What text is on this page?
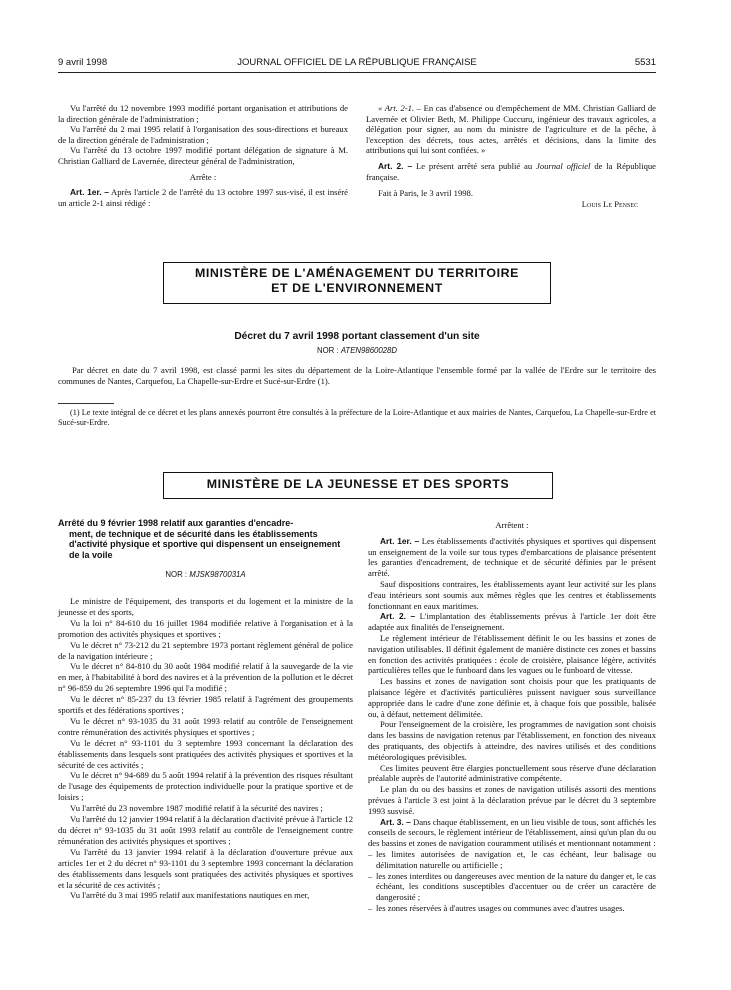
9 avril 1998	JOURNAL OFFICIEL DE LA RÉPUBLIQUE FRANÇAISE	5531

Vu l'arrêté du 12 novembre 1993 modifié portant organisation et attributions de la direction générale de l'administration ;

Vu l'arrêté du 2 mai 1995 relatif à l'organisation des sous-directions et bureaux de la direction générale de l'administration ;

Vu l'arrêté du 13 octobre 1997 modifié portant délégation de signature à M. Christian Galliard de Lavernée, directeur général de l'administration,

Arrête :

Art. 1er. – Après l'article 2 de l'arrêté du 13 octobre 1997 sus-visé, il est inséré un article 2-1 ainsi rédigé :

« Art. 2-1. – En cas d'absence ou d'empêchement de MM. Christian Galliard de Lavernée et Olivier Beth, M. Philippe Cuccuru, ingénieur des travaux agricoles, a délégation pour signer, au nom du ministre de l'agriculture et de la pêche, à l'exception des décrets, tous actes, arrêtés et décisions, dans la limite des attributions qui lui sont confiées. »

Art. 2. – Le présent arrêté sera publié au Journal officiel de la République française.

Fait à Paris, le 3 avril 1998.

Louis Le Pensec

MINISTÈRE DE L'AMÉNAGEMENT DU TERRITOIRE
ET DE L'ENVIRONNEMENT
Décret du 7 avril 1998 portant classement d'un site
NOR : ATEN9860028D

Par décret en date du 7 avril 1998, est classé parmi les sites du département de la Loire-Atlantique l'ensemble formé par la vallée de l'Erdre sur le territoire des communes de Nantes, Carquefou, La Chapelle-sur-Erdre et Sucé-sur-Erdre (1).

(1) Le texte intégral de ce décret et les plans annexés pourront être consultés à la préfecture de la Loire-Atlantique et aux mairies de Nantes, Carquefou, La Chapelle-sur-Erdre et Sucé-sur-Erdre.

MINISTÈRE DE LA JEUNESSE ET DES SPORTS
Arrêté du 9 février 1998 relatif aux garanties d'encadre-
ment, de technique et de sécurité dans les établissements d'activité physique et sportive qui dispensent un enseignement de la voile
NOR : MJSK9870031A

Le ministre de l'équipement, des transports et du logement et la ministre de la jeunesse et des sports,

Vu la loi n° 84-610 du 16 juillet 1984 modifiée relative à l'organisation et à la promotion des activités physiques et sportives ;

Vu le décret n° 73-212 du 21 septembre 1973 portant règlement général de police de la navigation intérieure ;

Vu le décret n° 84-810 du 30 août 1984 modifié relatif à la sauvegarde de la vie en mer, à l'habitabilité à bord des navires et à la prévention de la pollution et le décret n° 96-859 du 26 septembre 1996 qui l'a modifié ;

Vu le décret n° 85-237 du 13 février 1985 relatif à l'agrément des groupements sportifs et des fédérations sportives ;

Vu le décret n° 93-1035 du 31 août 1993 relatif au contrôle de l'enseignement contre rémunération des activités physiques et sportives ;

Vu le décret n° 93-1101 du 3 septembre 1993 concernant la déclaration des établissements dans lesquels sont pratiquées des activités physiques et sportives et la sécurité de ces activités ;

Vu le décret n° 94-689 du 5 août 1994 relatif à la prévention des risques résultant de l'usage des équipements de protection individuelle pour la pratique sportive et de loisirs ;

Vu l'arrêté du 23 novembre 1987 modifié relatif à la sécurité des navires ;

Vu l'arrêté du 12 janvier 1994 relatif à la déclaration d'activité prévue à l'article 12 du décret n° 93-1035 du 31 août 1993 relatif au contrôle de l'enseignement contre rémunération des activités physiques et sportives ;

Vu l'arrêté du 13 janvier 1994 relatif à la déclaration d'ouverture prévue aux articles 1er et 2 du décret n° 93-1101 du 3 septembre 1993 concernant la déclaration des établissements dans lesquels sont pratiquées des activités physiques et sportives et la sécurité de ces activités ;

Vu l'arrêté du 3 mai 1995 relatif aux manifestations nautiques en mer,

Arrêtent :

Art. 1er. – Les établissements d'activités physiques et sportives qui dispensent un enseignement de la voile sur tous types d'embarcations de plaisance présentent les garanties d'encadrement, de technique et de sécurité définies par le présent arrêté.

Sauf dispositions contraires, les établissements ayant leur activité sur les plans d'eau intérieurs sont soumis aux mêmes règles que les centres et établissements fonctionnant en eaux maritimes.

Art. 2. – L'implantation des établissements prévus à l'article 1er doit être adaptée aux finalités de l'enseignement.

Le règlement intérieur de l'établissement définit le ou les bassins et zones de navigation utilisables. Il définit également de manière distincte ces zones et bassins en fonction des activités pratiquées : école de croisière, plaisance légère, activités particulières telles que le funboard dans les vagues ou le funboard de vitesse.

Les bassins et zones de navigation sont choisis pour que les pratiquants de plaisance légère et d'activités particulières puissent naviguer sous surveillance appropriée dans le cadre d'une zone définie et, à chaque fois que possible, balisée ou, à défaut, nettement délimitée.

Pour l'enseignement de la croisière, les programmes de navigation sont choisis dans les bassins de navigation retenus par l'établissement, en fonction des niveaux des pratiquants, des objectifs à atteindre, des navires utilisés et des conditions météorologiques prévisibles.

Ces limites peuvent être élargies ponctuellement sous réserve d'une déclaration préalable auprès de l'autorité administrative compétente.

Le plan du ou des bassins et zones de navigation utilisés assorti des mentions prévues à l'article 3 est joint à la déclaration prévue par le décret du 3 septembre 1993 susvisé.

Art. 3. – Dans chaque établissement, en un lieu visible de tous, sont affichés les conseils de secours, le règlement intérieur de l'établissement, ainsi qu'un plan du ou des bassins et zones de navigation couramment utilisés et mentionnant notamment :

– les limites autorisées de navigation et, le cas échéant, leur balisage ou délimitation naturelle ou artificielle ;

– les zones interdites ou dangereuses avec mention de la nature du danger et, le cas échéant, les conditions susceptibles d'accentuer ou de créer un caractère de dangerosité ;

– les zones réservées à d'autres usages ou communes avec d'autres usages.
